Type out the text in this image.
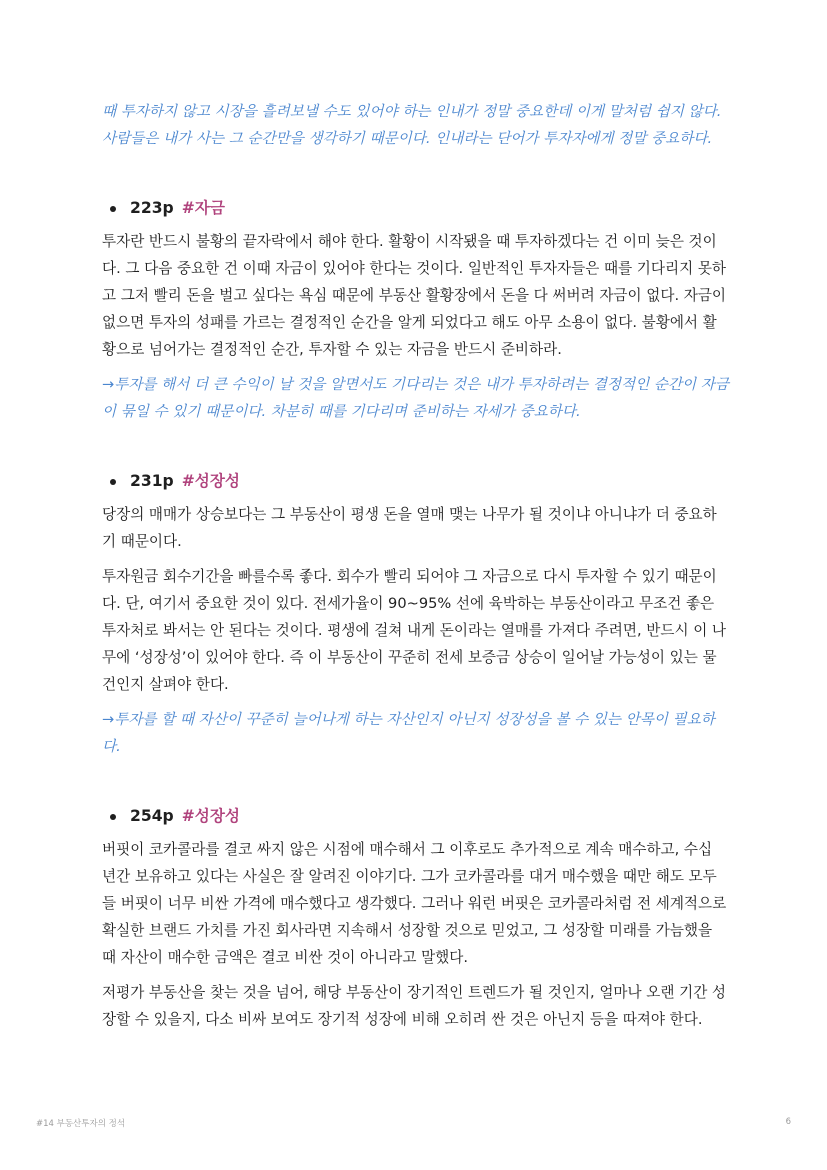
때 투자하지 않고 시장을 흘려보낼 수도 있어야 하는 인내가 정말 중요한데 이게 말처럼 쉽지 않다. 사람들은 내가 사는 그 순간만을 생각하기 때문이다. 인내라는 단어가 투자자에게 정말 중요하다.

223p #자금

투자란 반드시 불황의 끝자락에서 해야 한다. 활황이 시작됐을 때 투자하겠다는 건 이미 늦은 것이다. 그 다음 중요한 건 이때 자금이 있어야 한다는 것이다. 일반적인 투자자들은 때를 기다리지 못하고 그저 빨리 돈을 벌고 싶다는 욕심 때문에 부동산 활황장에서 돈을 다 써버려 자금이 없다. 자금이 없으면 투자의 성패를 가르는 결정적인 순간을 알게 되었다고 해도 아무 소용이 없다. 불황에서 활황으로 넘어가는 결정적인 순간, 투자할 수 있는 자금을 반드시 준비하라.

→투자를 해서 더 큰 수익이 날 것을 알면서도 기다리는 것은 내가 투자하려는 결정적인 순간이 자금이 묶일 수 있기 때문이다. 차분히 때를 기다리며 준비하는 자세가 중요하다.

231p #성장성

당장의 매매가 상승보다는 그 부동산이 평생 돈을 열매 맺는 나무가 될 것이냐 아니냐가 더 중요하기 때문이다.

투자원금 회수기간을 빠를수록 좋다. 회수가 빨리 되어야 그 자금으로 다시 투자할 수 있기 때문이다. 단, 여기서 중요한 것이 있다. 전세가율이 90~95% 선에 육박하는 부동산이라고 무조건 좋은 투자처로 봐서는 안 된다는 것이다. 평생에 걸쳐 내게 돈이라는 열매를 가져다 주려면, 반드시 이 나무에 ‘성장성’이 있어야 한다. 즉 이 부동산이 꾸준히 전세 보증금 상승이 일어날 가능성이 있는 물건인지 살펴야 한다.

→투자를 할 때 자산이 꾸준히 늘어나게 하는 자산인지 아닌지 성장성을 볼 수 있는 안목이 필요하다.

254p #성장성

버핏이 코카콜라를 결코 싸지 않은 시점에 매수해서 그 이후로도 추가적으로 계속 매수하고, 수십 년간 보유하고 있다는 사실은 잘 알려진 이야기다. 그가 코카콜라를 대거 매수했을 때만 해도 모두들 버핏이 너무 비싼 가격에 매수했다고 생각했다. 그러나 워런 버핏은 코카콜라처럼 전 세계적으로 확실한 브랜드 가치를 가진 회사라면 지속해서 성장할 것으로 믿었고, 그 성장할 미래를 가늠했을 때 자산이 매수한 금액은 결코 비싼 것이 아니라고 말했다.

저평가 부동산을 찾는 것을 넘어, 해당 부동산이 장기적인 트렌드가 될 것인지, 얼마나 오랜 기간 성장할 수 있을지, 다소 비싸 보여도 장기적 성장에 비해 오히려 싼 것은 아닌지 등을 따져야 한다.

#14 부동산투자의 정석	6
